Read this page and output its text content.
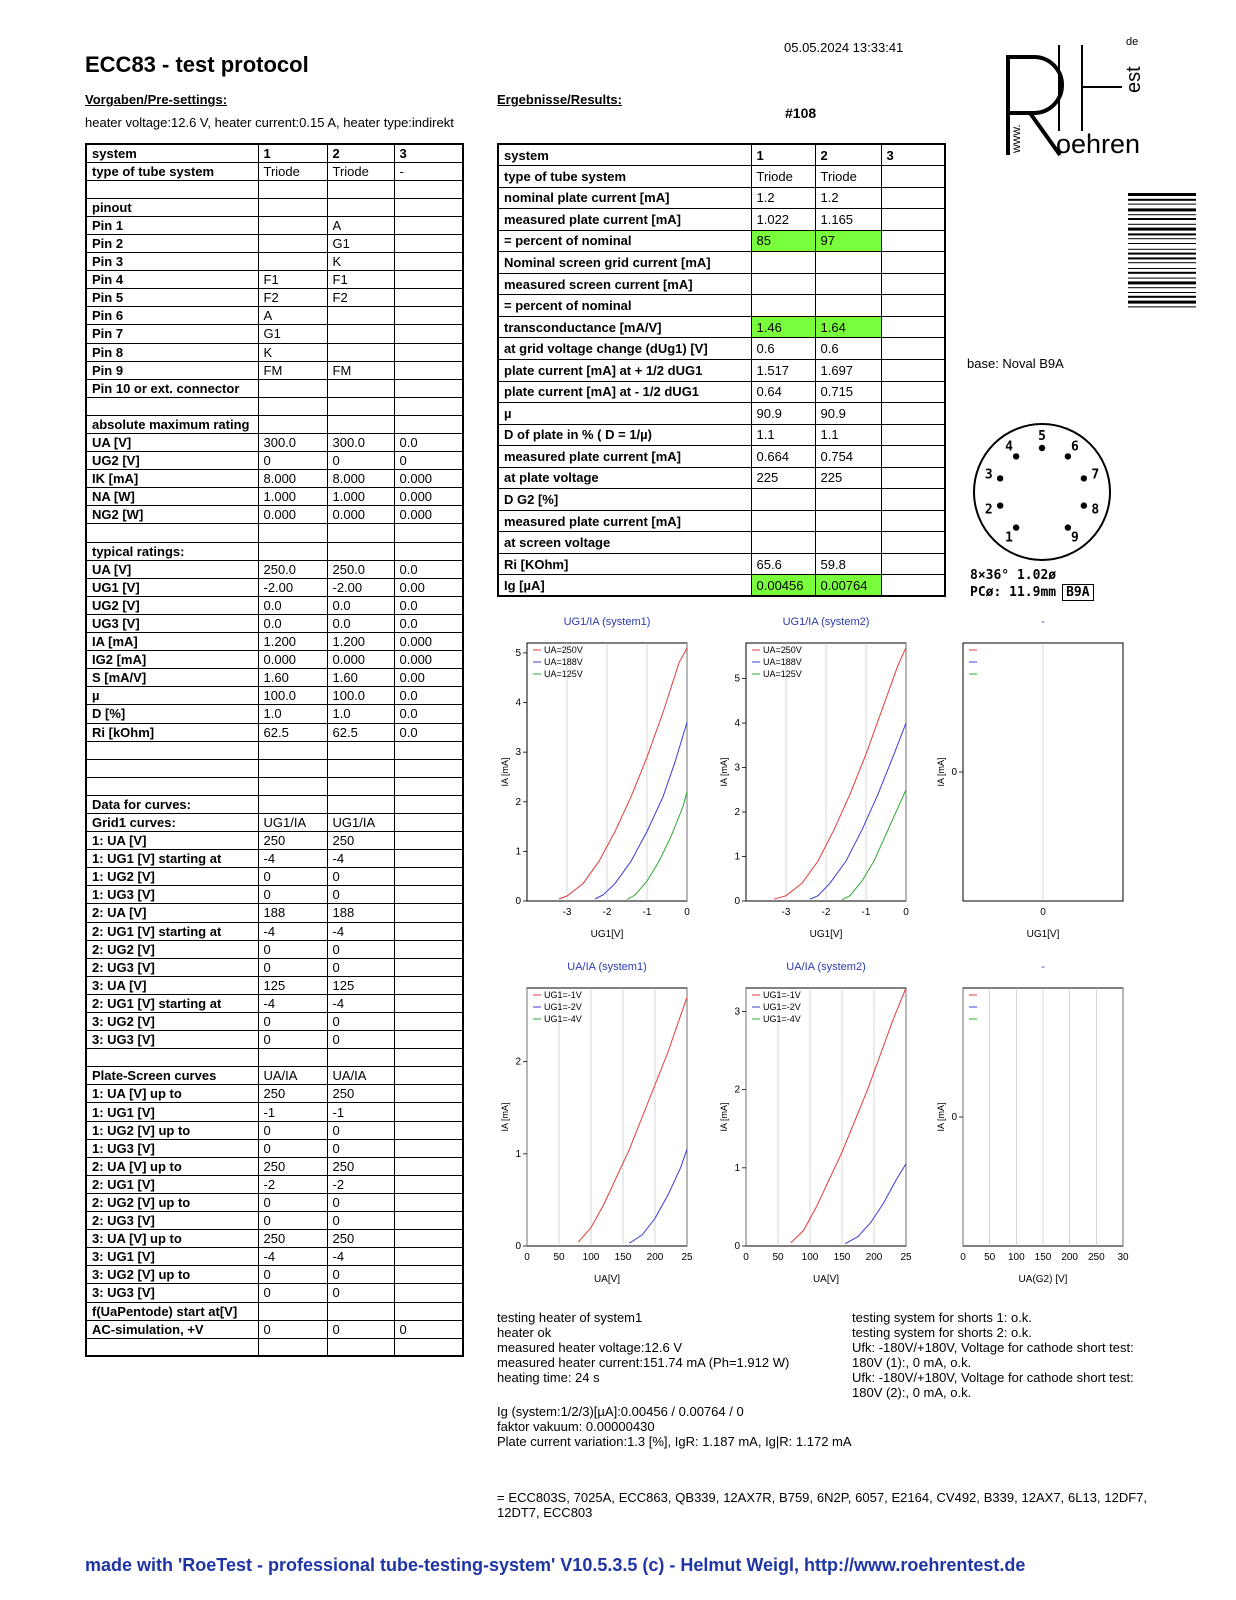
ECC83 - test protocol
05.05.2024 13:33:41
Vorgaben/Pre-settings:
heater voltage:12.6 V, heater current:0.15 A, heater type:indirekt
Ergebnisse/Results:
#108
system	1	2	3
type of tube system	Triode	Triode	-

pinout			
Pin 1		A	
Pin 2		G1	
Pin 3		K	
Pin 4	F1	F1	
Pin 5	F2	F2	
Pin 6	A		
Pin 7	G1		
Pin 8	K		
Pin 9	FM	FM	
Pin 10 or ext. connector			

absolute maximum rating			
UA [V]	300.0	300.0	0.0
UG2 [V]	0	0	0
IK [mA]	8.000	8.000	0.000
NA [W]	1.000	1.000	0.000
NG2 [W]	0.000	0.000	0.000

typical ratings:			
UA [V]	250.0	250.0	0.0
UG1 [V]	-2.00	-2.00	0.00
UG2 [V]	0.0	0.0	0.0
UG3 [V]	0.0	0.0	0.0
IA [mA]	1.200	1.200	0.000
IG2 [mA]	0.000	0.000	0.000
S [mA/V]	1.60	1.60	0.00
µ	100.0	100.0	0.0
D [%]	1.0	1.0	0.0
Ri [kOhm]	62.5	62.5	0.0

Data for curves:			
Grid1 curves:	UG1/IA	UG1/IA	
1: UA [V]	250	250	
1: UG1 [V] starting at	-4	-4	
1: UG2 [V]	0	0	
1: UG3 [V]	0	0	
2: UA [V]	188	188	
2: UG1 [V] starting at	-4	-4	
2: UG2 [V]	0	0	
2: UG3 [V]	0	0	
3: UA [V]	125	125	
2: UG1 [V] starting at	-4	-4	
3: UG2 [V]	0	0	
3: UG3 [V]	0	0	

Plate-Screen curves	UA/IA	UA/IA	
1: UA [V] up to	250	250	
1: UG1 [V]	-1	-1	
1: UG2 [V] up to	0	0	
1: UG3 [V]	0	0	
2: UA [V] up to	250	250	
2: UG1 [V]	-2	-2	
2: UG2 [V] up to	0	0	
2: UG3 [V]	0	0	
3: UA [V] up to	250	250	
3: UG1 [V]	-4	-4	
3: UG2 [V] up to	0	0	
3: UG3 [V]	0	0	
f(UaPentode) start at[V]			
AC-simulation, +V	0	0	0

system	1	2	3
type of tube system	Triode	Triode	
nominal plate current [mA]	1.2	1.2	
measured plate current [mA]	1.022	1.165	
= percent of nominal	85	97	
Nominal screen grid current [mA]			
measured screen current [mA]			
= percent of nominal			
transconductance [mA/V]	1.46	1.64	
at grid voltage change (dUg1) [V]	0.6	0.6	
plate current [mA] at + 1/2 dUG1	1.517	1.697	
plate current [mA] at - 1/2 dUG1	0.64	0.715	
µ	90.9	90.9	
D of plate in % ( D = 1/µ)	1.1	1.1	
measured plate current [mA]	0.664	0.754	
at plate voltage	225	225	
D G2 [%]			
measured plate current [mA]			
at screen voltage			
Ri [KOhm]	65.6	59.8	
Ig [µA]	0.00456	0.00764	
www. oehren
est
de
base: Noval B9A
1
2
3
4
5
6
7
8
9
8×36° 1.02ø
PCø: 11.9mm B9A
UG1/IA (system1)
UG1[V]
IA [mA]
-3	-2	-1	0
0
1
2
3
4
5	UA=250V
UA=188V
UA=125V
UG1/IA (system2)
UG1[V]
IA [mA]
-3	-2	-1	0
0
1
2
3
4
5
UA=250V
UA=188V
UA=125V
-
UG1[V]
IA [mA]
0
0
UA/IA (system1)
UA[V]
IA [mA]
0 50 100 150 200 25
0
1
2
UG1=-1V
UG1=-2V
UG1=-4V
UA/IA (system2)
UA[V]
IA [mA]
0 50 100 150 200 25
0
1
2
3
UG1=-1V
UG1=-2V
UG1=-4V
-
UA(G2) [V]
IA [mA]
0 50 100 150 200 250 30
0
testing heater of system1
heater ok
measured heater voltage:12.6 V
measured heater current:151.74 mA (Ph=1.912 W)
heating time: 24 s
testing system for shorts 1: o.k.
testing system for shorts 2: o.k.
Ufk: -180V/+180V, Voltage for cathode short test:
180V (1):, 0 mA, o.k.
Ufk: -180V/+180V, Voltage for cathode short test:
180V (2):, 0 mA, o.k.
Ig (system:1/2/3)[µA]:0.00456 / 0.00764 / 0
faktor vakuum: 0.00000430
Plate current variation:1.3 [%], IgR: 1.187 mA, Ig|R: 1.172 mA
= ECC803S, 7025A, ECC863, QB339, 12AX7R, B759, 6N2P, 6057, E2164, CV492, B339, 12AX7, 6L13, 12DF7, 12DT7, ECC803
made with 'RoeTest - professional tube-testing-system' V10.5.3.5 (c) - Helmut Weigl, http://www.roehrentest.de
